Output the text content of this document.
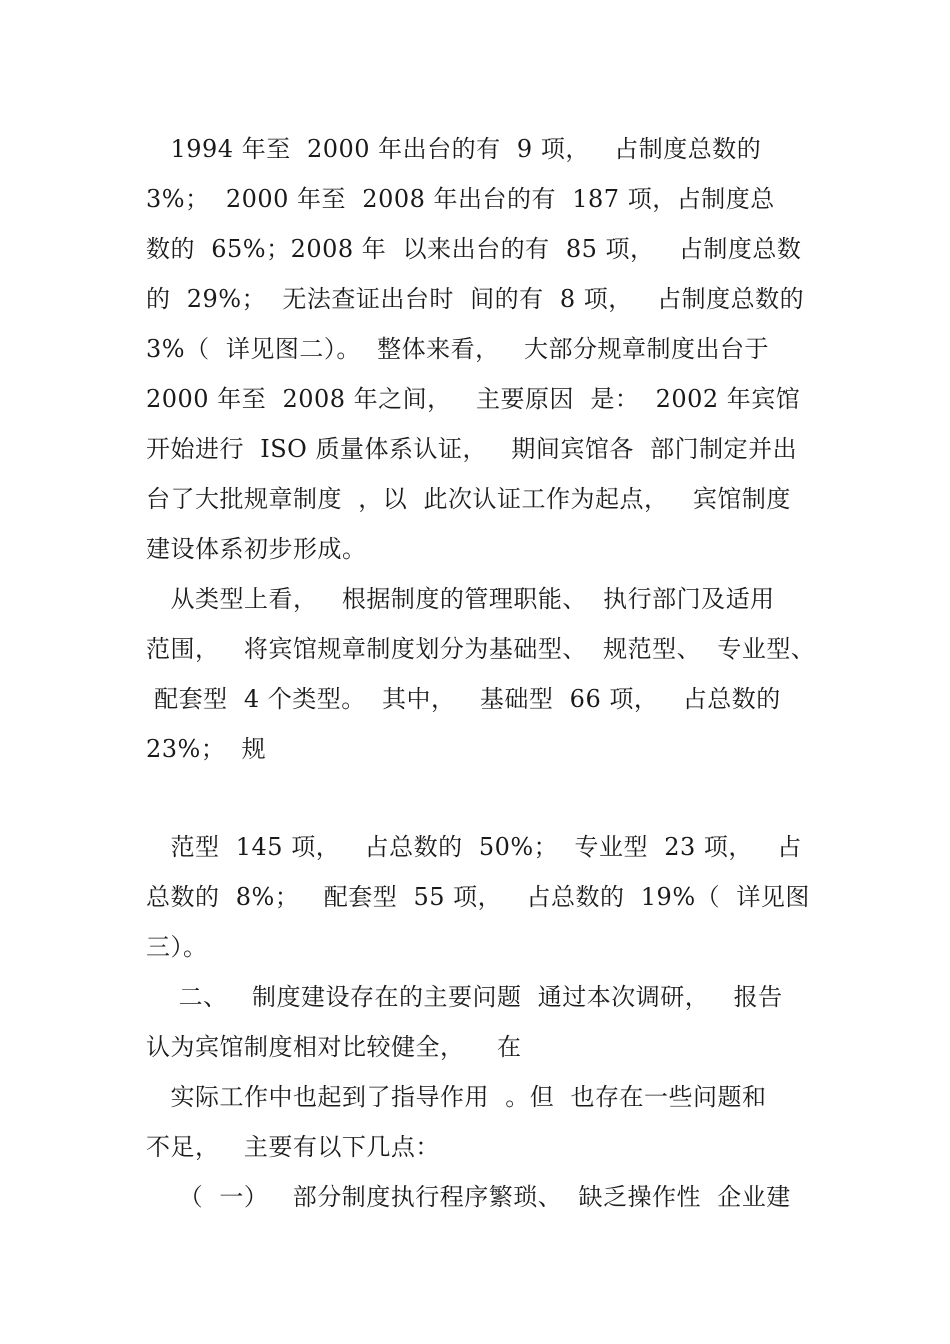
　1994 年至  2000 年出台的有  9 项，   占制度总数的
3%；  2000 年至  2008 年出台的有  187 项，占制度总
数的  65%；2008 年  以来出台的有  85 项，   占制度总数
的  29%；  无法查证出台时  间的有  8 项，   占制度总数的
3%（  详见图二）。  整体来看，   大部分规章制度出台于
2000 年至  2008 年之间，   主要原因  是：  2002 年宾馆
开始进行  ISO 质量体系认证，   期间宾馆各  部门制定并出
台了大批规章制度  ，以  此次认证工作为起点，   宾馆制度
建设体系初步形成。
　从类型上看，   根据制度的管理职能、  执行部门及适用
范围，   将宾馆规章制度划分为基础型、  规范型、  专业型、
配套型  4 个类型。  其中，   基础型  66 项，   占总数的
23%；  规
　范型  145 项，   占总数的  50%；  专业型  23 项，   占
总数的  8%；   配套型  55 项，   占总数的  19%（  详见图
三）。
　 二、   制度建设存在的主要问题  通过本次调研，   报告
认为宾馆制度相对比较健全，    在
　实际工作中也起到了指导作用  。但  也存在一些问题和
不足，   主要有以下几点：
　 （  一）   部分制度执行程序繁琐、  缺乏操作性  企业建
